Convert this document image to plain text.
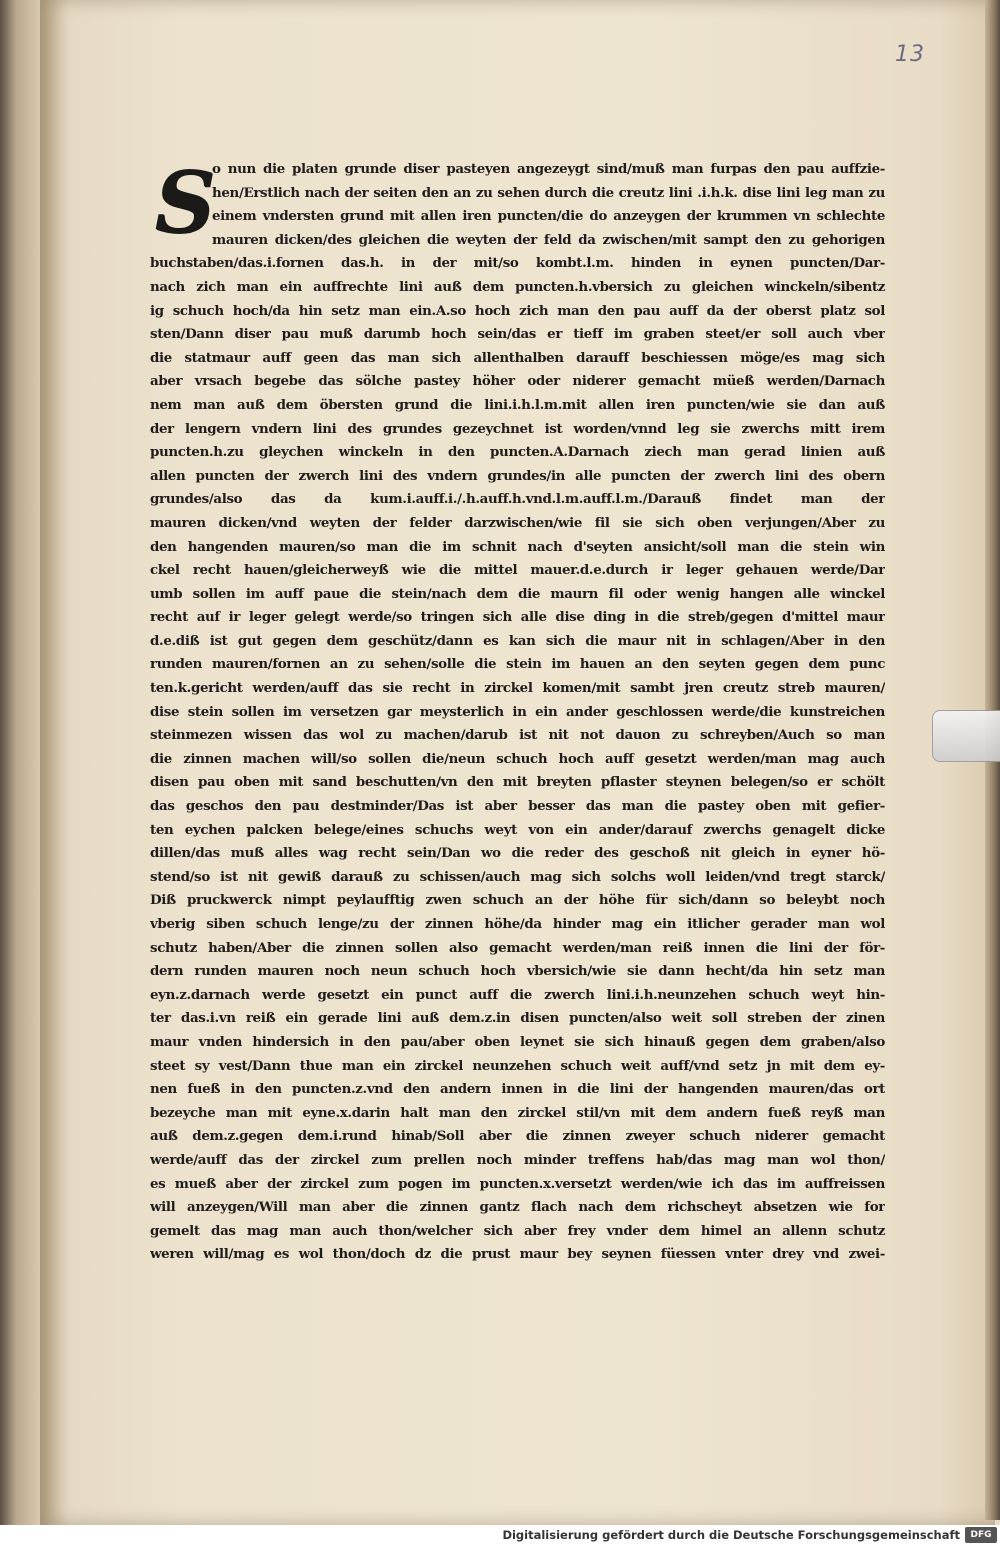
13
S
o nun die platen grunde diser pasteyen angezeygt sind/muß man furpas den pau auffzie-
hen/Erstlich nach der seiten den an zu sehen durch die creutz lini .i.h.k. dise lini leg man zu
einem vndersten grund mit allen iren puncten/die do anzeygen der krummen vn schlechte
mauren dicken/des gleichen die weyten der feld da zwischen/mit sampt den zu gehorigen
buchstaben/das.i.fornen das.h. in der mit/so kombt.l.m. hinden in eynen puncten/Dar-
nach zich man ein auffrechte lini auß dem puncten.h.vbersich zu gleichen winckeln/sibentz
ig schuch hoch/da hin setz man ein.A.so hoch zich man den pau auff da der oberst platz sol
sten/Dann diser pau muß darumb hoch sein/das er tieff im graben steet/er soll auch vber
die statmaur auff geen das man sich allenthalben darauff beschiessen möge/es mag sich
aber vrsach begebe das sölche pastey höher oder niderer gemacht müeß werden/Darnach
nem man auß dem öbersten grund die lini.i.h.l.m.mit allen iren puncten/wie sie dan auß
der lengern vndern lini des grundes gezeychnet ist worden/vnnd leg sie zwerchs mitt irem
puncten.h.zu gleychen winckeln in den puncten.A.Darnach ziech man gerad linien auß
allen puncten der zwerch lini des vndern grundes/in alle puncten der zwerch lini des obern
grundes/also das da kum.i.auff.i./.h.auff.h.vnd.l.m.auff.l.m./Darauß findet man der
mauren dicken/vnd weyten der felder darzwischen/wie fil sie sich oben verjungen/Aber zu
den hangenden mauren/so man die im schnit nach d'seyten ansicht/soll man die stein win
ckel recht hauen/gleicherweyß wie die mittel mauer.d.e.durch ir leger gehauen werde/Dar
umb sollen im auff paue die stein/nach dem die maurn fil oder wenig hangen alle winckel
recht auf ir leger gelegt werde/so tringen sich alle dise ding in die streb/gegen d'mittel maur
d.e.diß ist gut gegen dem geschütz/dann es kan sich die maur nit in schlagen/Aber in den
runden mauren/fornen an zu sehen/solle die stein im hauen an den seyten gegen dem punc
ten.k.gericht werden/auff das sie recht in zirckel komen/mit sambt jren creutz streb mauren/
dise stein sollen im versetzen gar meysterlich in ein ander geschlossen werde/die kunstreichen
steinmezen wissen das wol zu machen/darub ist nit not dauon zu schreyben/Auch so man
die zinnen machen will/so sollen die/neun schuch hoch auff gesetzt werden/man mag auch
disen pau oben mit sand beschutten/vn den mit breyten pflaster steynen belegen/so er schölt
das geschos den pau destminder/Das ist aber besser das man die pastey oben mit gefier-
ten eychen palcken belege/eines schuchs weyt von ein ander/darauf zwerchs genagelt dicke
dillen/das muß alles wag recht sein/Dan wo die reder des geschoß nit gleich in eyner hö-
stend/so ist nit gewiß darauß zu schissen/auch mag sich solchs woll leiden/vnd tregt starck/
Diß pruckwerck nimpt peylaufftig zwen schuch an der höhe für sich/dann so beleybt noch
vberig siben schuch lenge/zu der zinnen höhe/da hinder mag ein itlicher gerader man wol
schutz haben/Aber die zinnen sollen also gemacht werden/man reiß innen die lini der för-
dern runden mauren noch neun schuch hoch vbersich/wie sie dann hecht/da hin setz man
eyn.z.darnach werde gesetzt ein punct auff die zwerch lini.i.h.neunzehen schuch weyt hin-
ter das.i.vn reiß ein gerade lini auß dem.z.in disen puncten/also weit soll streben der zinen
maur vnden hindersich in den pau/aber oben leynet sie sich hinauß gegen dem graben/also
steet sy vest/Dann thue man ein zirckel neunzehen schuch weit auff/vnd setz jn mit dem ey-
nen fueß in den puncten.z.vnd den andern innen in die lini der hangenden mauren/das ort
bezeyche man mit eyne.x.darin halt man den zirckel stil/vn mit dem andern fueß reyß man
auß dem.z.gegen dem.i.rund hinab/Soll aber die zinnen zweyer schuch niderer gemacht
werde/auff das der zirckel zum prellen noch minder treffens hab/das mag man wol thon/
es mueß aber der zirckel zum pogen im puncten.x.versetzt werden/wie ich das im auffreissen
will anzeygen/Will man aber die zinnen gantz flach nach dem richscheyt absetzen wie for
gemelt das mag man auch thon/welcher sich aber frey vnder dem himel an allenn schutz
weren will/mag es wol thon/doch dz die prust maur bey seynen füessen vnter drey vnd zwei-
Digitalisierung gefördert durch die Deutsche Forschungsgemeinschaft	DFG
